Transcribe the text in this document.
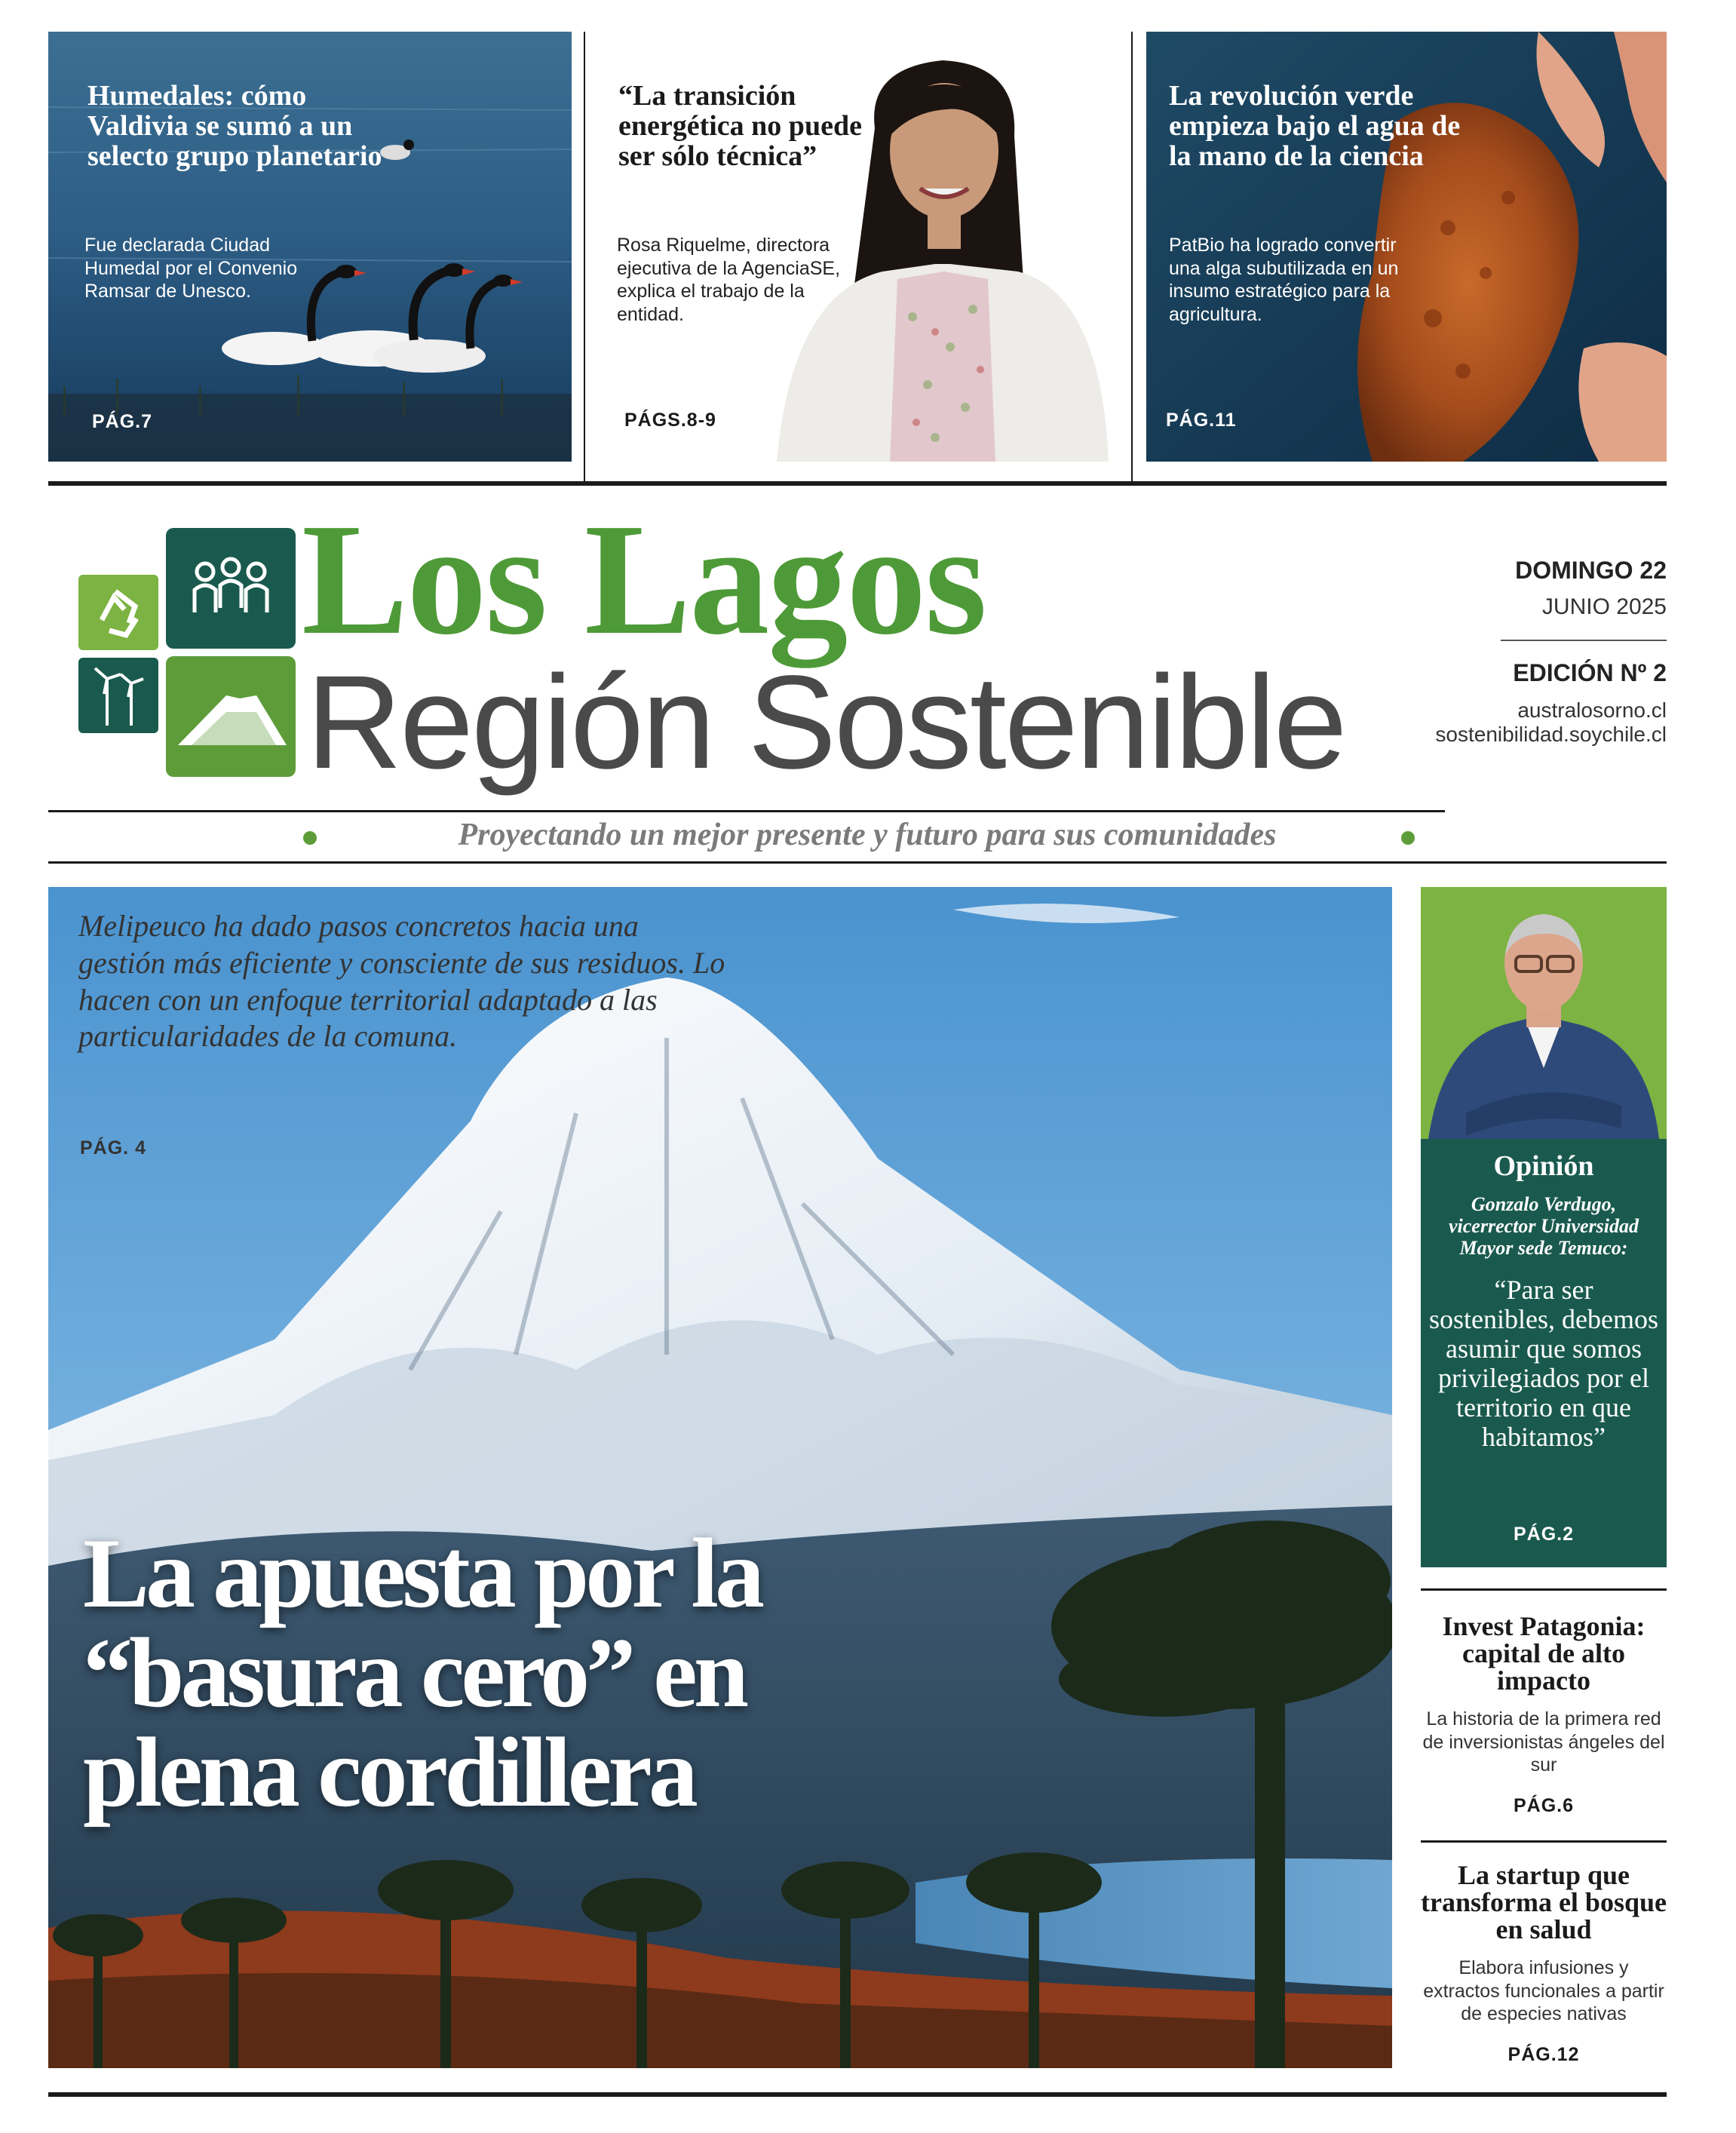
Humedales: cómo Valdivia se sumó a un selecto grupo planetario
Fue declarada Ciudad Humedal por el Convenio Ramsar de Unesco.
PÁG.7
“La transición energética no puede ser sólo técnica”
Rosa Riquelme, directora ejecutiva de la AgenciaSE, explica el trabajo de la entidad.
PÁGS.8-9
La revolución verde empieza bajo el agua de la mano de la ciencia
PatBio ha logrado convertir una alga subutilizada en un insumo estratégico para la agricultura.
PÁG.11
Los Lagos
Región Sostenible
DOMINGO 22
JUNIO 2025
EDICIÓN Nº 2
australosorno.cl
sostenibilidad.soychile.cl
Proyectando un mejor presente y futuro para sus comunidades
Melipeuco ha dado pasos concretos hacia una gestión más eficiente y consciente de sus residuos. Lo hacen con un enfoque territorial adaptado a las particularidades de la comuna.
PÁG. 4
La apuesta por la “basura cero” en plena cordillera
Opinión
Gonzalo Verdugo, vicerrector Universidad Mayor sede Temuco:
“Para ser sostenibles, debemos asumir que somos privilegiados por el territorio en que habitamos”
PÁG.2
Invest Patagonia: capital de alto impacto
La historia de la primera red de inversionistas ángeles del sur
PÁG.6
La startup que transforma el bosque en salud
Elabora infusiones y extractos funcionales a partir de especies nativas
PÁG.12
